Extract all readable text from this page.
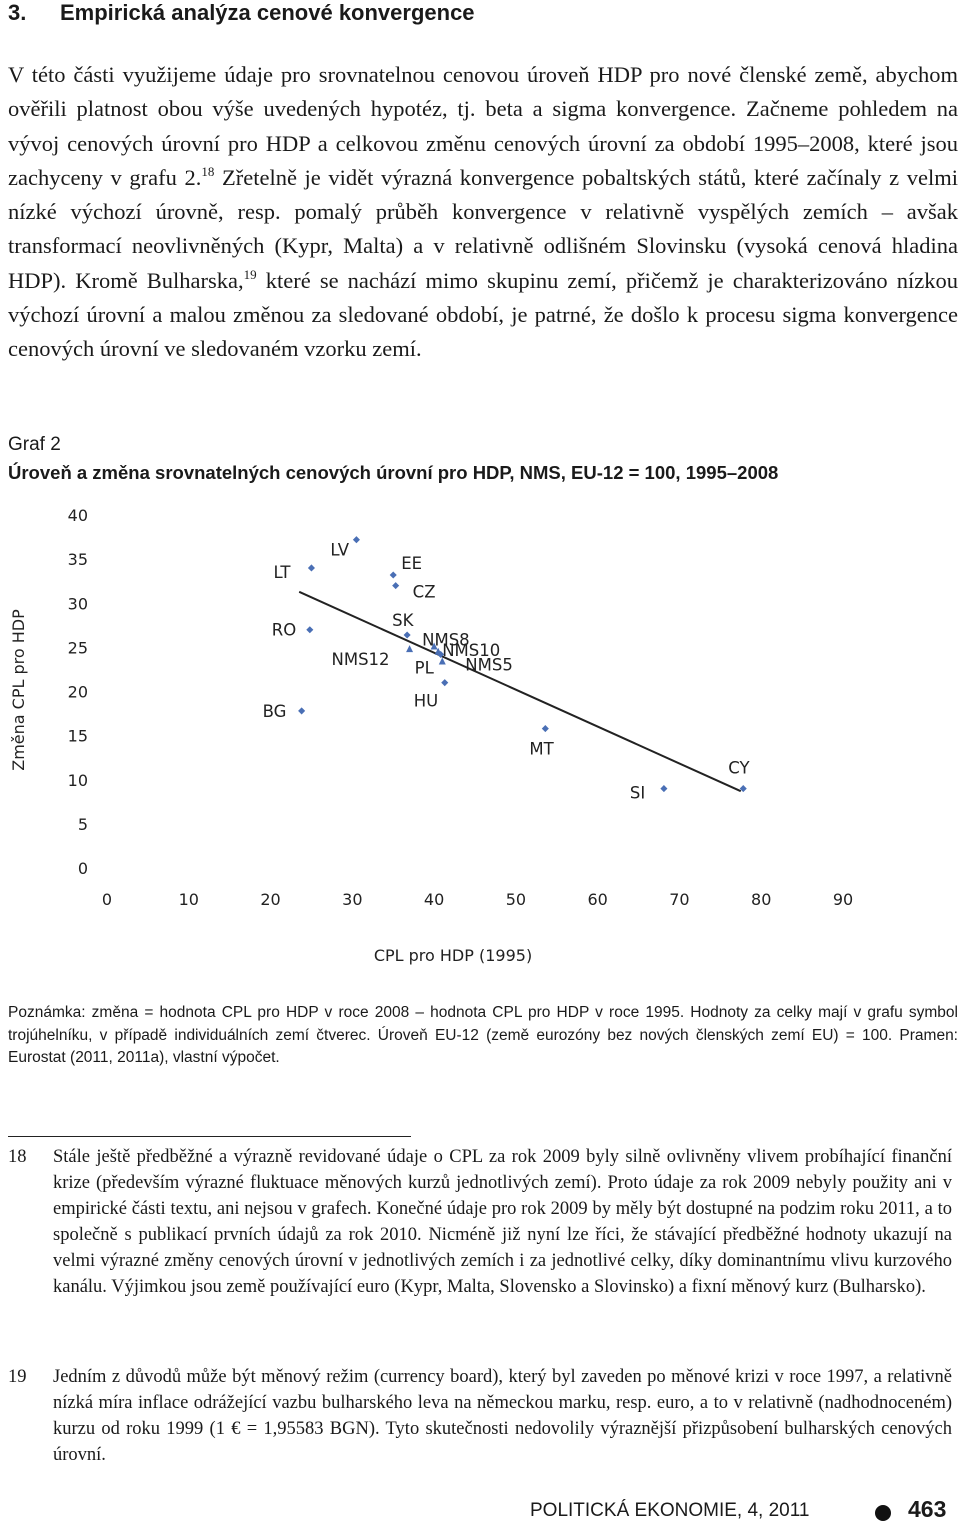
3. Empirická analýza cenové konvergence

V této části využijeme údaje pro srovnatelnou cenovou úroveň HDP pro nové členské země, abychom ověřili platnost obou výše uvedených hypotéz, tj. beta a sigma konvergence. Začneme pohledem na vývoj cenových úrovní pro HDP a celkovou změnu cenových úrovní za období 1995–2008, které jsou zachyceny v grafu 2.18 Zřetelně je vidět výrazná konvergence pobaltských států, které začínaly z velmi nízké výchozí úrovně, resp. pomalý průběh konvergence v relativně vyspělých zemích – avšak transformací neovlivněných (Kypr, Malta) a v relativně odlišném Slovinsku (vysoká cenová hladina HDP). Kromě Bulharska,$^{19}$ které se nachází mimo skupinu zemí, přičemž je charakterizováno nízkou výchozí úrovní a malou změnou za sledované období, je patrné, že došlo k procesu sigma konvergence cenových úrovní ve sledovaném vzorku zemí.

Graf 2
Úroveň a změna srovnatelných cenových úrovní pro HDP, NMS, EU-12 = 100, 1995–2008
Změna CPL pro HDP
CPL pro HDP (1995)
0
5
10
15
20
25
30
35
40
0	10	20	30	40	50	60	70	80	90
LV
LT	EE
CZ
RO
SK
NMS8
NMS12	NMS10
NMS5
PL
HU
BG
MT
SI
CY

Poznámka: změna = hodnota CPL pro HDP v roce 2008 – hodnota CPL pro HDP v roce 1995. Hodnoty za celky mají v grafu symbol trojúhelníku, v případě individuálních zemí čtverec. Úroveň EU-12 (země eurozóny bez nových členských zemí EU) = 100. Pramen: Eurostat (2011, 2011a), vlastní výpočet.

18	Stále ještě předběžné a výrazně revidované údaje o CPL za rok 2009 byly silně ovlivněny vlivem probíhající finanční krize (především výrazné fluktuace měnových kurzů jednotlivých zemí). Proto údaje za rok 2009 nebyly použity ani v empirické části textu, ani nejsou v grafech. Konečné údaje pro rok 2009 by měly být dostupné na podzim roku 2011, a to společně s publikací prvních údajů za rok 2010. Nicméně již nyní lze říci, že stávající předběžné hodnoty ukazují na velmi výrazné změny cenových úrovní v jednotlivých zemích i za jednotlivé celky, díky dominantnímu vlivu kurzového kanálu. Výjimkou jsou země používající euro (Kypr, Malta, Slovensko a Slovinsko) a fixní měnový kurz (Bulharsko).

19	Jedním z důvodů může být měnový režim (currency board), který byl zaveden po měnové krizi v roce 1997, a relativně nízká míra inflace odrážející vazbu bulharského leva na německou marku, resp. euro, a to v relativně (nadhodnoceném) kurzu od roku 1999 (1 € = 1,95583 BGN). Tyto skutečnosti nedovolily výraznější přizpůsobení bulharských cenových úrovní.

POLITICKÁ EKONOMIE, 4, 2011	463
